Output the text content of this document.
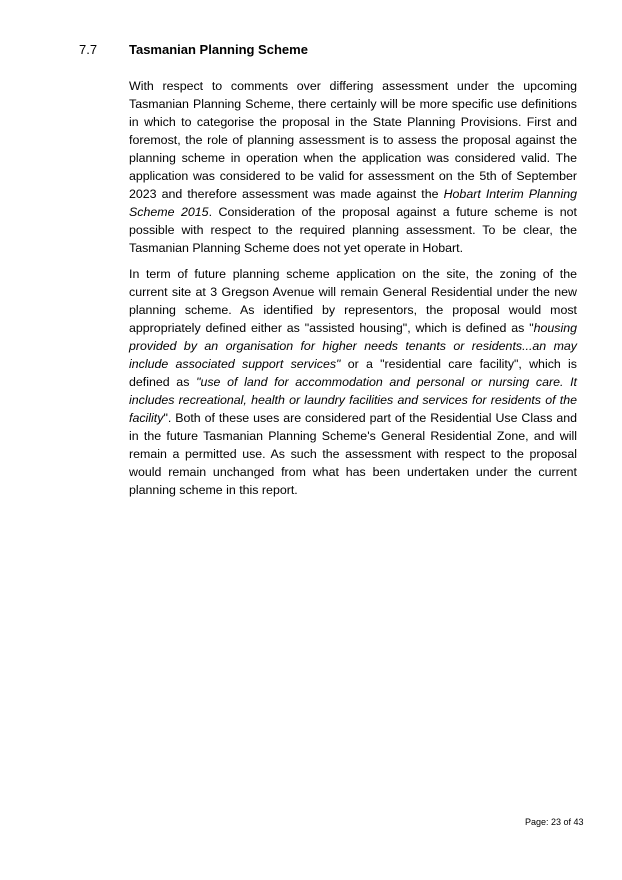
7.7 Tasmanian Planning Scheme

With respect to comments over differing assessment under the upcoming Tasmanian Planning Scheme, there certainly will be more specific use definitions in which to categorise the proposal in the State Planning Provisions. First and foremost, the role of planning assessment is to assess the proposal against the planning scheme in operation when the application was considered valid. The application was considered to be valid for assessment on the 5th of September 2023 and therefore assessment was made against the Hobart Interim Planning Scheme 2015. Consideration of the proposal against a future scheme is not possible with respect to the required planning assessment. To be clear, the Tasmanian Planning Scheme does not yet operate in Hobart.

In term of future planning scheme application on the site, the zoning of the current site at 3 Gregson Avenue will remain General Residential under the new planning scheme. As identified by representors, the proposal would most appropriately defined either as "assisted housing", which is defined as "housing provided by an organisation for higher needs tenants or residents...an may include associated support services" or a "residential care facility", which is defined as "use of land for accommodation and personal or nursing care. It includes recreational, health or laundry facilities and services for residents of the facility". Both of these uses are considered part of the Residential Use Class and in the future Tasmanian Planning Scheme's General Residential Zone, and will remain a permitted use. As such the assessment with respect to the proposal would remain unchanged from what has been undertaken under the current planning scheme in this report.

Page: 23 of 43
